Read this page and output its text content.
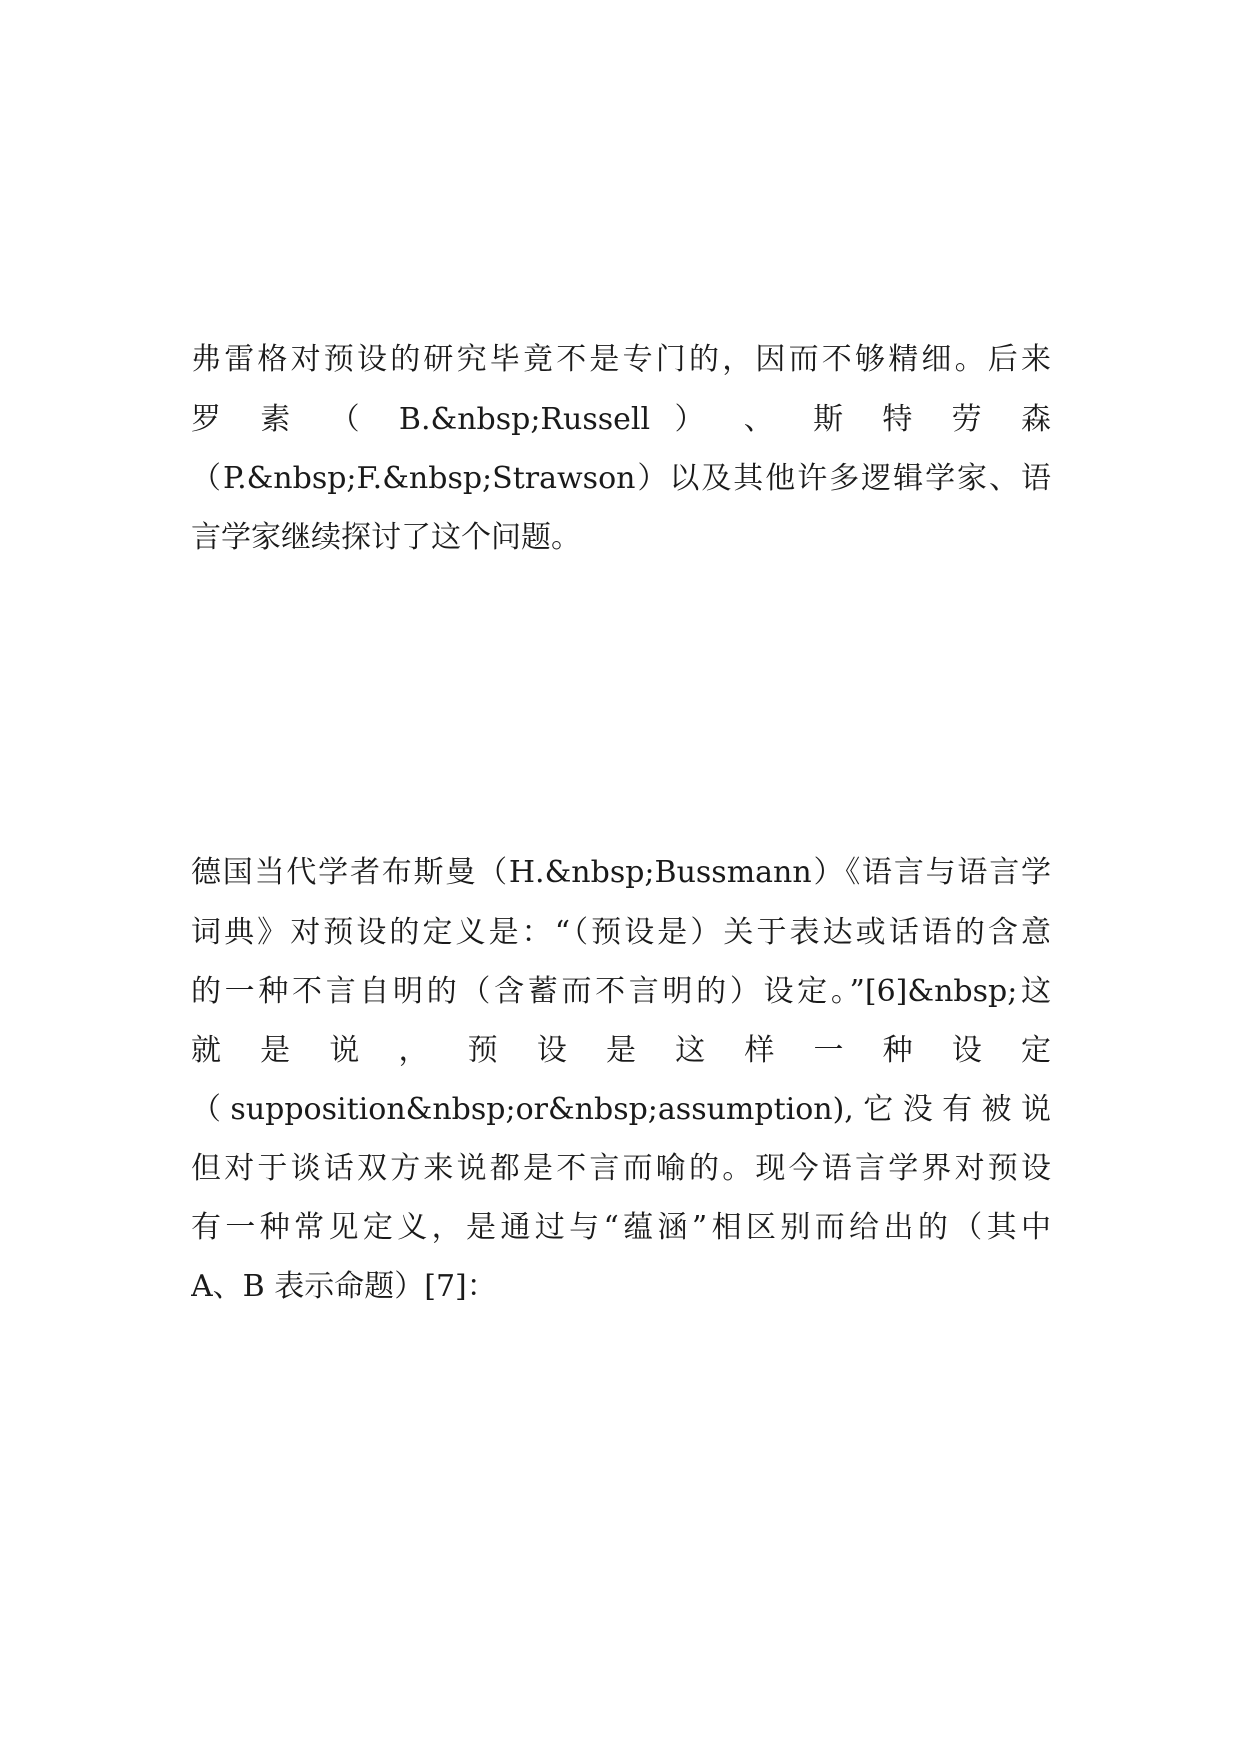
弗雷格对预设的研究毕竟不是专门的，因而不够精细。后来
罗 素 （ B.&nbsp;Russell ） 、 斯 特 劳 森
（P.&nbsp;F.&nbsp;Strawson）以及其他许多逻辑学家、语
言学家继续探讨了这个问题。
德国当代学者布斯曼（H.&nbsp;Bussmann）《语言与语言学
词典》对预设的定义是：“（预设是）关于表达或话语的含意
的一种不言自明的（含蓄而不言明的）设定。”[6]&nbsp;这
就 是 说 ， 预 设 是 这 样 一 种 设 定
（supposition&nbsp;or&nbsp;assumption),它没有被说
但对于谈话双方来说都是不言而喻的。现今语言学界对预设
有一种常见定义，是通过与“蕴涵”相区别而给出的（其中
A、B 表示命题）[7]：
